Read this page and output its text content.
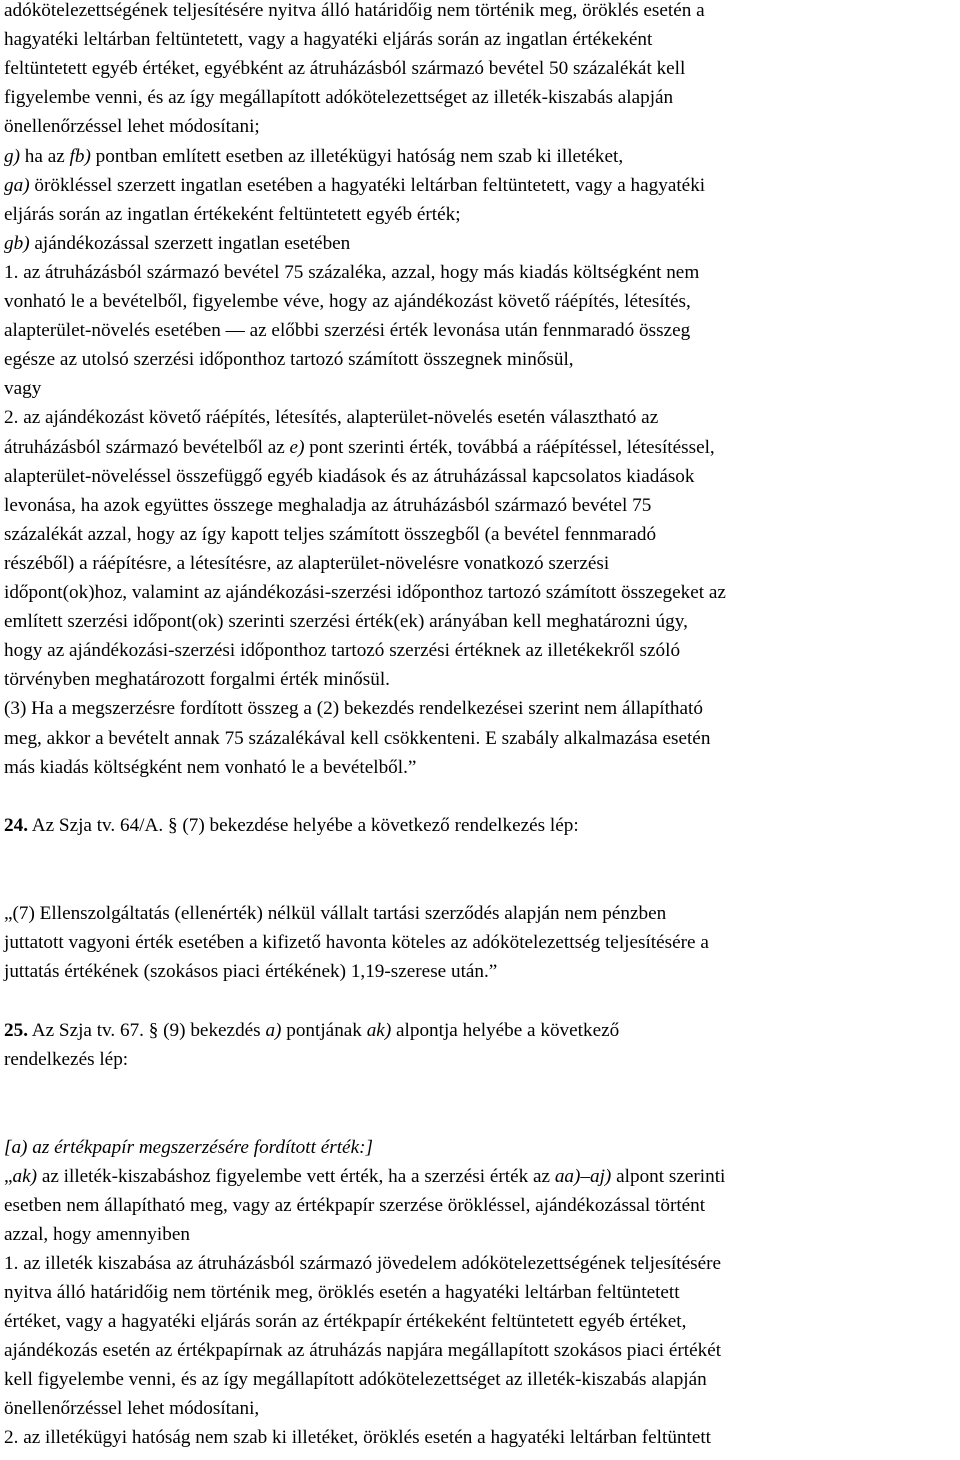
adókötelezettségének teljesítésére nyitva álló határidőig nem történik meg, öröklés esetén a
hagyatéki leltárban feltüntetett, vagy a hagyatéki eljárás során az ingatlan értékeként
feltüntetett egyéb értéket, egyébként az átruházásból származó bevétel 50 százalékát kell
figyelembe venni, és az így megállapított adókötelezettséget az illeték-kiszabás alapján
önellenőrzéssel lehet módosítani;
g) ha az fb) pontban említett esetben az illetékügyi hatóság nem szab ki illetéket,
ga) örökléssel szerzett ingatlan esetében a hagyatéki leltárban feltüntetett, vagy a hagyatéki
eljárás során az ingatlan értékeként feltüntetett egyéb érték;
gb) ajándékozással szerzett ingatlan esetében
1. az átruházásból származó bevétel 75 százaléka, azzal, hogy más kiadás költségként nem
vonható le a bevételből, figyelembe véve, hogy az ajándékozást követő ráépítés, létesítés,
alapterület-növelés esetében ― az előbbi szerzési érték levonása után fennmaradó összeg
egésze az utolsó szerzési időponthoz tartozó számított összegnek minősül,
vagy
2. az ajándékozást követő ráépítés, létesítés, alapterület-növelés esetén választható az
átruházásból származó bevételből az e) pont szerinti érték, továbbá a ráépítéssel, létesítéssel,
alapterület-növeléssel összefüggő egyéb kiadások és az átruházással kapcsolatos kiadások
levonása, ha azok együttes összege meghaladja az átruházásból származó bevétel 75
százalékát azzal, hogy az így kapott teljes számított összegből (a bevétel fennmaradó
részéből) a ráépítésre, a létesítésre, az alapterület-növelésre vonatkozó szerzési
időpont(ok)hoz, valamint az ajándékozási-szerzési időponthoz tartozó számított összegeket az
említett szerzési időpont(ok) szerinti szerzési érték(ek) arányában kell meghatározni úgy,
hogy az ajándékozási-szerzési időponthoz tartozó szerzési értéknek az illetékekről szóló
törvényben meghatározott forgalmi érték minősül.
(3) Ha a megszerzésre fordított összeg a (2) bekezdés rendelkezései szerint nem állapítható
meg, akkor a bevételt annak 75 százalékával kell csökkenteni. E szabály alkalmazása esetén
más kiadás költségként nem vonható le a bevételből.”
24. Az Szja tv. 64/A. § (7) bekezdése helyébe a következő rendelkezés lép:
„(7) Ellenszolgáltatás (ellenérték) nélkül vállalt tartási szerződés alapján nem pénzben
juttatott vagyoni érték esetében a kifizető havonta köteles az adókötelezettség teljesítésére a
juttatás értékének (szokásos piaci értékének) 1,19-szerese után.”
25. Az Szja tv. 67. § (9) bekezdés a) pontjának ak) alpontja helyébe a következő
rendelkezés lép:
[a) az értékpapír megszerzésére fordított érték:]
„ak) az illeték-kiszabáshoz figyelembe vett érték, ha a szerzési érték az aa)–aj) alpont szerinti
esetben nem állapítható meg, vagy az értékpapír szerzése örökléssel, ajándékozással történt
azzal, hogy amennyiben
1. az illeték kiszabása az átruházásból származó jövedelem adókötelezettségének teljesítésére
nyitva álló határidőig nem történik meg, öröklés esetén a hagyatéki leltárban feltüntetett
értéket, vagy a hagyatéki eljárás során az értékpapír értékeként feltüntetett egyéb értéket,
ajándékozás esetén az értékpapírnak az átruházás napjára megállapított szokásos piaci értékét
kell figyelembe venni, és az így megállapított adókötelezettséget az illeték-kiszabás alapján
önellenőrzéssel lehet módosítani,
2. az illetékügyi hatóság nem szab ki illetéket, öröklés esetén a hagyatéki leltárban feltüntett
